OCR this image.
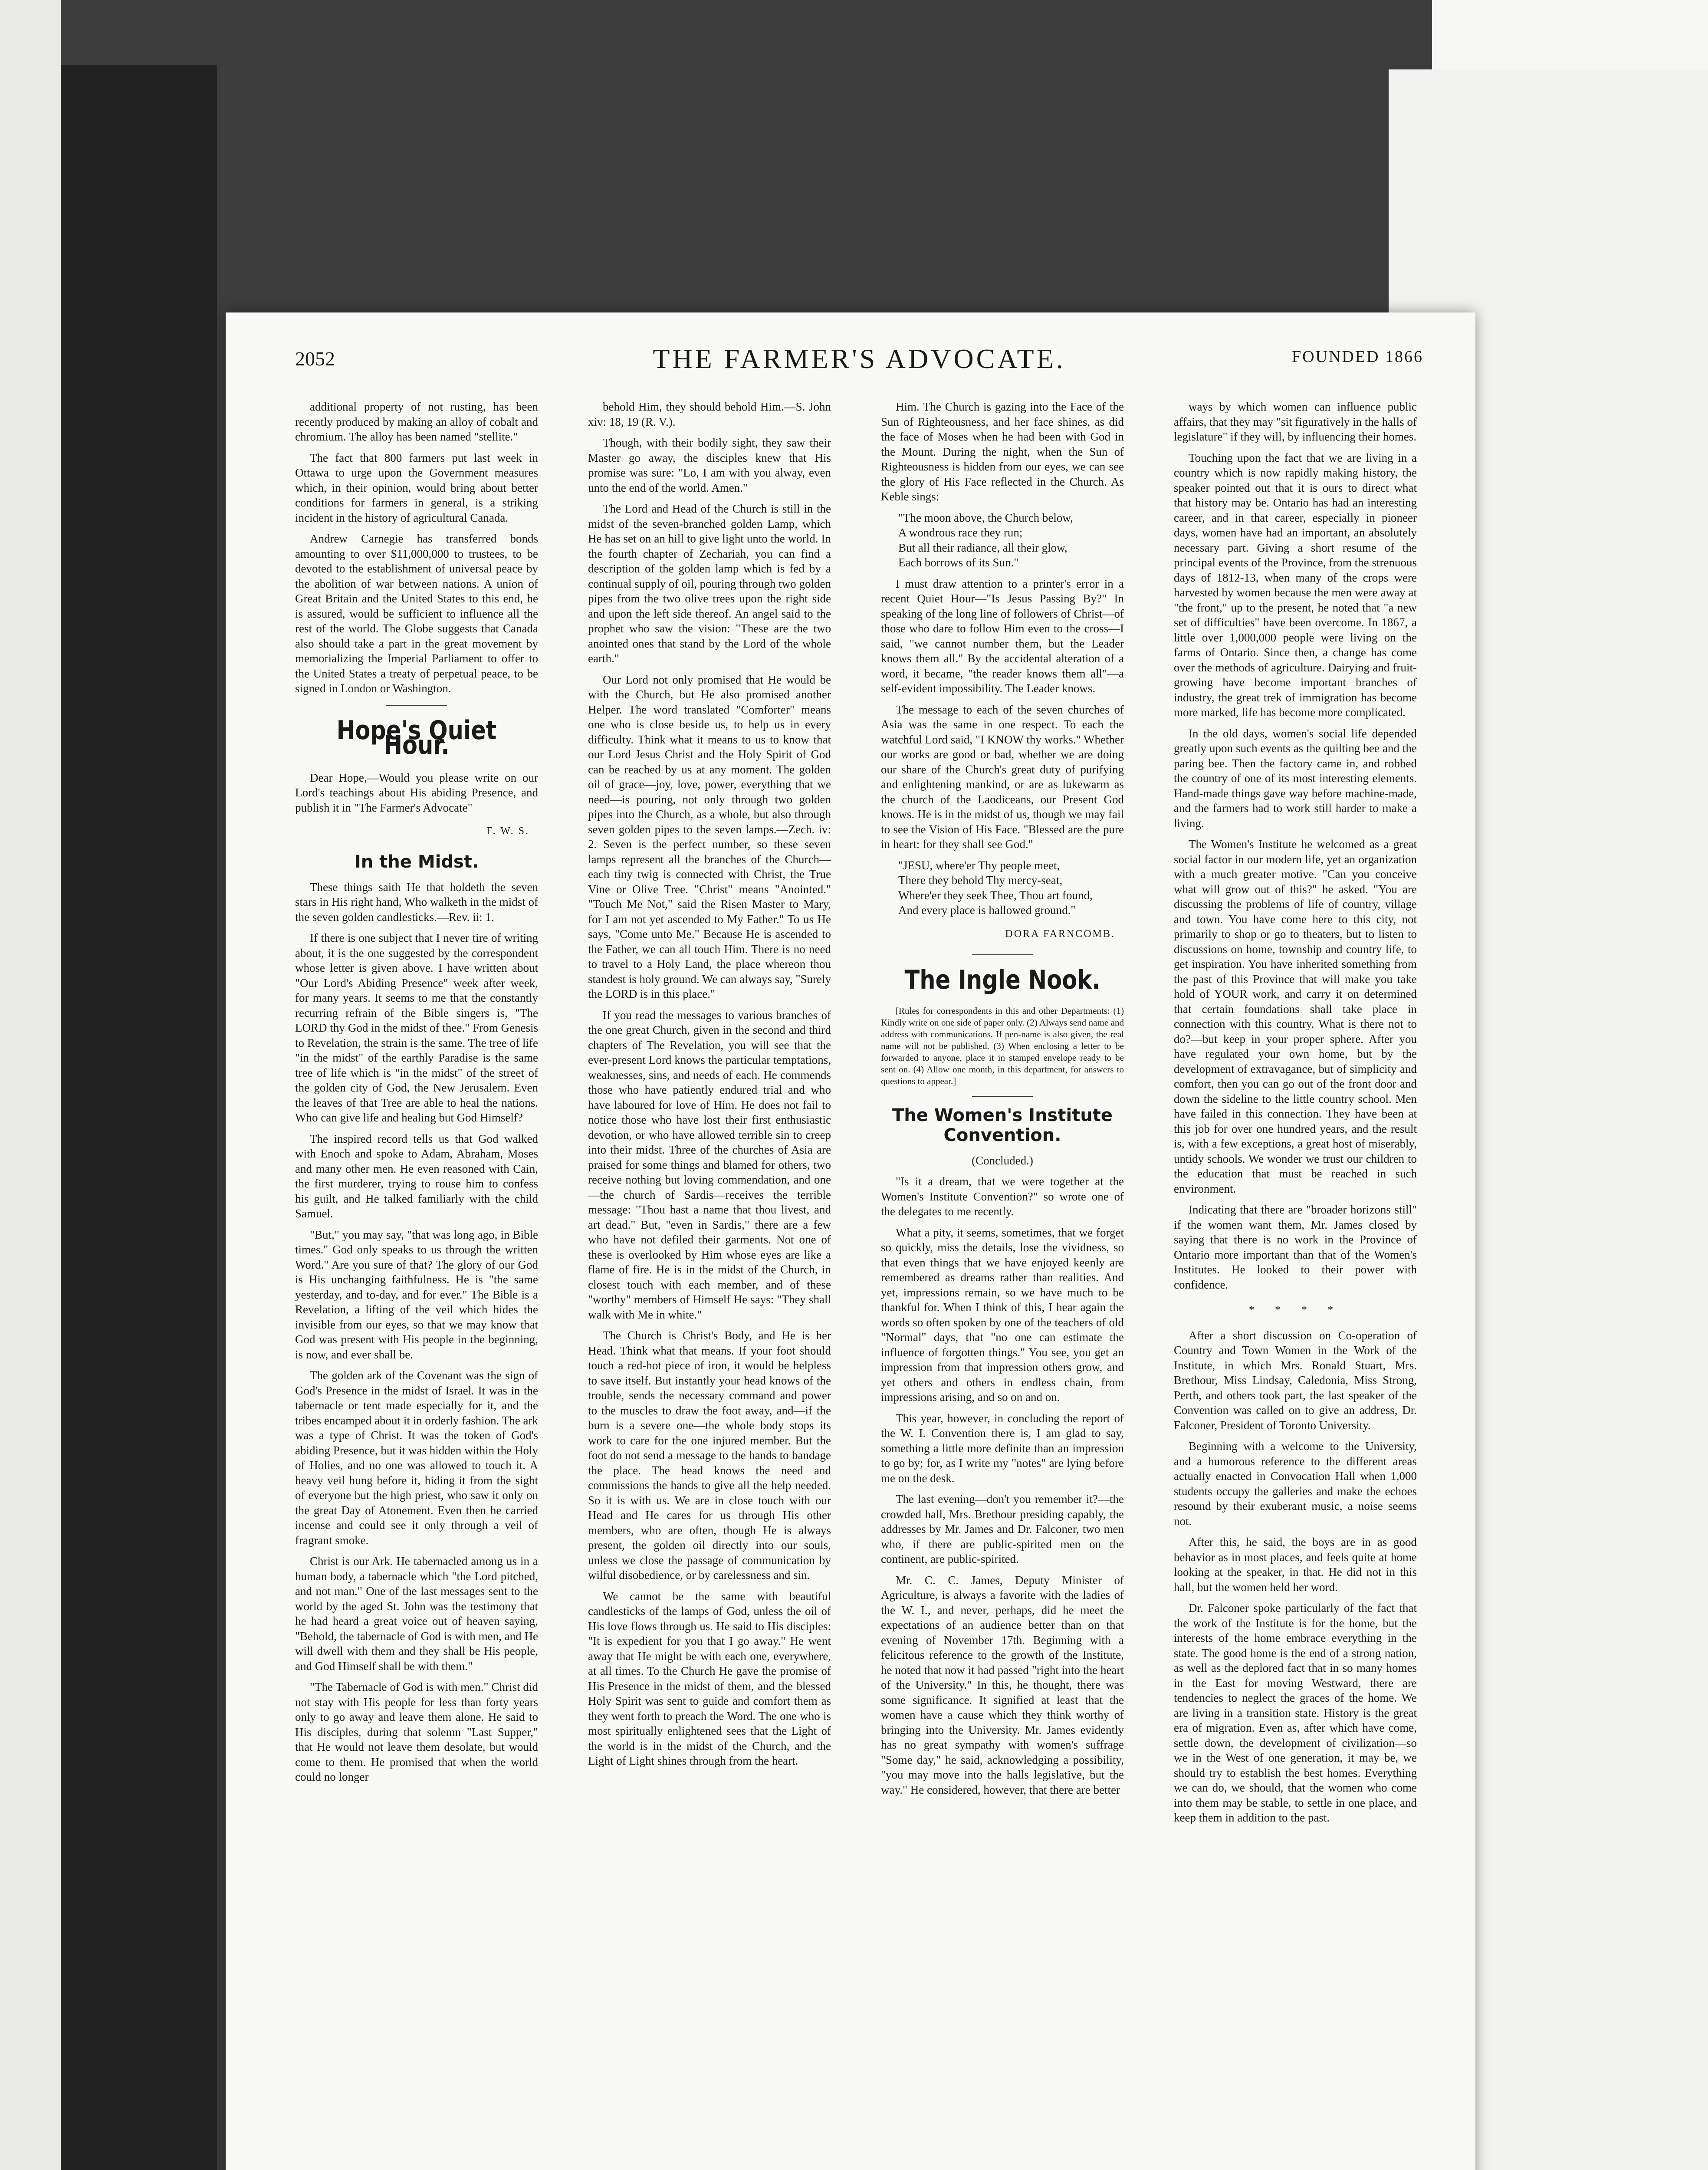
2052	THE FARMER'S ADVOCATE.	FOUNDED 1866

additional property of not rusting, has been recently produced by making an alloy of cobalt and chromium. The alloy has been named "stellite."

The fact that 800 farmers put last week in Ottawa to urge upon the Government measures which, in their opinion, would bring about better conditions for farmers in general, is a striking incident in the history of agricultural Canada.

Andrew Carnegie has transferred bonds amounting to over $11,000,000 to trustees, to be devoted to the establishment of universal peace by the abolition of war between nations. A union of Great Britain and the United States to this end, he is assured, would be sufficient to influence all the rest of the world. The Globe suggests that Canada also should take a part in the great movement by memorializing the Imperial Parliament to offer to the United States a treaty of perpetual peace, to be signed in London or Washington.

Hope's Quiet Hour.

Dear Hope,—Would you please write on our Lord's teachings about His abiding Presence, and publish it in "The Farmer's Advocate"

F. W. S.
In the Midst.

These things saith He that holdeth the seven stars in His right hand, Who walketh in the midst of the seven golden candlesticks.—Rev. ii: 1.

If there is one subject that I never tire of writing about, it is the one suggested by the correspondent whose letter is given above. I have written about "Our Lord's Abiding Presence" week after week, for many years. It seems to me that the constantly recurring refrain of the Bible singers is, "The LORD thy God in the midst of thee." From Genesis to Revelation, the strain is the same. The tree of life "in the midst" of the earthly Paradise is the same tree of life which is "in the midst" of the street of the golden city of God, the New Jerusalem. Even the leaves of that Tree are able to heal the nations. Who can give life and healing but God Himself?

The inspired record tells us that God walked with Enoch and spoke to Adam, Abraham, Moses and many other men. He even reasoned with Cain, the first murderer, trying to rouse him to confess his guilt, and He talked familiarly with the child Samuel.

"But," you may say, "that was long ago, in Bible times." God only speaks to us through the written Word." Are you sure of that? The glory of our God is His unchanging faithfulness. He is "the same yesterday, and to-day, and for ever." The Bible is a Revelation, a lifting of the veil which hides the invisible from our eyes, so that we may know that God was present with His people in the beginning, is now, and ever shall be.

The golden ark of the Covenant was the sign of God's Presence in the midst of Israel. It was in the tabernacle or tent made especially for it, and the tribes encamped about it in orderly fashion. The ark was a type of Christ. It was the token of God's abiding Presence, but it was hidden within the Holy of Holies, and no one was allowed to touch it. A heavy veil hung before it, hiding it from the sight of everyone but the high priest, who saw it only on the great Day of Atonement. Even then he carried incense and could see it only through a veil of fragrant smoke.

Christ is our Ark. He tabernacled among us in a human body, a tabernacle which "the Lord pitched, and not man." One of the last messages sent to the world by the aged St. John was the testimony that he had heard a great voice out of heaven saying, "Behold, the tabernacle of God is with men, and He will dwell with them and they shall be His people, and God Himself shall be with them."

"The Tabernacle of God is with men." Christ did not stay with His people for less than forty years only to go away and leave them alone. He said to His disciples, during that solemn "Last Supper," that He would not leave them desolate, but would come to them. He promised that when the world could no longer

behold Him, they should behold Him.—S. John xiv: 18, 19 (R. V.).

Though, with their bodily sight, they saw their Master go away, the disciples knew that His promise was sure: "Lo, I am with you alway, even unto the end of the world. Amen."

The Lord and Head of the Church is still in the midst of the seven-branched golden Lamp, which He has set on an hill to give light unto the world. In the fourth chapter of Zechariah, you can find a description of the golden lamp which is fed by a continual supply of oil, pouring through two golden pipes from the two olive trees upon the right side and upon the left side thereof. An angel said to the prophet who saw the vision: "These are the two anointed ones that stand by the Lord of the whole earth."

Our Lord not only promised that He would be with the Church, but He also promised another Helper. The word translated "Comforter" means one who is close beside us, to help us in every difficulty. Think what it means to us to know that our Lord Jesus Christ and the Holy Spirit of God can be reached by us at any moment. The golden oil of grace—joy, love, power, everything that we need—is pouring, not only through two golden pipes into the Church, as a whole, but also through seven golden pipes to the seven lamps.—Zech. iv: 2. Seven is the perfect number, so these seven lamps represent all the branches of the Church—each tiny twig is connected with Christ, the True Vine or Olive Tree. "Christ" means "Anointed." "Touch Me Not," said the Risen Master to Mary, for I am not yet ascended to My Father." To us He says, "Come unto Me." Because He is ascended to the Father, we can all touch Him. There is no need to travel to a Holy Land, the place whereon thou standest is holy ground. We can always say, "Surely the LORD is in this place."

If you read the messages to various branches of the one great Church, given in the second and third chapters of The Revelation, you will see that the ever-present Lord knows the particular temptations, weaknesses, sins, and needs of each. He commends those who have patiently endured trial and who have laboured for love of Him. He does not fail to notice those who have lost their first enthusiastic devotion, or who have allowed terrible sin to creep into their midst. Three of the churches of Asia are praised for some things and blamed for others, two receive nothing but loving commendation, and one—the church of Sardis—receives the terrible message: "Thou hast a name that thou livest, and art dead." But, "even in Sardis," there are a few who have not defiled their garments. Not one of these is overlooked by Him whose eyes are like a flame of fire. He is in the midst of the Church, in closest touch with each member, and of these "worthy" members of Himself He says: "They shall walk with Me in white."

The Church is Christ's Body, and He is her Head. Think what that means. If your foot should touch a red-hot piece of iron, it would be helpless to save itself. But instantly your head knows of the trouble, sends the necessary command and power to the muscles to draw the foot away, and—if the burn is a severe one—the whole body stops its work to care for the one injured member. But the foot do not send a message to the hands to bandage the place. The head knows the need and commissions the hands to give all the help needed. So it is with us. We are in close touch with our Head and He cares for us through His other members, who are often, though He is always present, the golden oil directly into our souls, unless we close the passage of communication by wilful disobedience, or by carelessness and sin.

We cannot be the same with beautiful candlesticks of the lamps of God, unless the oil of His love flows through us. He said to His disciples: "It is expedient for you that I go away." He went away that He might be with each one, everywhere, at all times. To the Church He gave the promise of His Presence in the midst of them, and the blessed Holy Spirit was sent to guide and comfort them as they went forth to preach the Word. The one who is most spiritually enlightened sees that the Light of the world is in the midst of the Church, and the Light of Light shines through from the heart.

Him. The Church is gazing into the Face of the Sun of Righteousness, and her face shines, as did the face of Moses when he had been with God in the Mount. During the night, when the Sun of Righteousness is hidden from our eyes, we can see the glory of His Face reflected in the Church. As Keble sings:

"The moon above, the Church below,
A wondrous race they run;
But all their radiance, all their glow,
Each borrows of its Sun."

I must draw attention to a printer's error in a recent Quiet Hour—"Is Jesus Passing By?" In speaking of the long line of followers of Christ—of those who dare to follow Him even to the cross—I said, "we cannot number them, but the Leader knows them all." By the accidental alteration of a word, it became, "the reader knows them all"—a self-evident impossibility. The Leader knows.

The message to each of the seven churches of Asia was the same in one respect. To each the watchful Lord said, "I KNOW thy works." Whether our works are good or bad, whether we are doing our share of the Church's great duty of purifying and enlightening mankind, or are as lukewarm as the church of the Laodiceans, our Present God knows. He is in the midst of us, though we may fail to see the Vision of His Face. "Blessed are the pure in heart: for they shall see God."

"JESU, where'er Thy people meet,
There they behold Thy mercy-seat,
Where'er they seek Thee, Thou art found,
And every place is hallowed ground."

DORA FARNCOMB.
The Ingle Nook.

[Rules for correspondents in this and other Departments: (1) Kindly write on one side of paper only. (2) Always send name and address with communications. If pen-name is also given, the real name will not be published. (3) When enclosing a letter to be forwarded to anyone, place it in stamped envelope ready to be sent on. (4) Allow one month, in this department, for answers to questions to appear.]

The Women's Institute Convention.

(Concluded.)

"Is it a dream, that we were together at the Women's Institute Convention?" so wrote one of the delegates to me recently.

What a pity, it seems, sometimes, that we forget so quickly, miss the details, lose the vividness, so that even things that we have enjoyed keenly are remembered as dreams rather than realities. And yet, impressions remain, so we have much to be thankful for. When I think of this, I hear again the words so often spoken by one of the teachers of old "Normal" days, that "no one can estimate the influence of forgotten things." You see, you get an impression from that impression others grow, and yet others and others in endless chain, from impressions arising, and so on and on.

This year, however, in concluding the report of the W. I. Convention there is, I am glad to say, something a little more definite than an impression to go by; for, as I write my "notes" are lying before me on the desk.

The last evening—don't you remember it?—the crowded hall, Mrs. Brethour presiding capably, the addresses by Mr. James and Dr. Falconer, two men who, if there are public-spirited men on the continent, are public-spirited.

Mr. C. C. James, Deputy Minister of Agriculture, is always a favorite with the ladies of the W. I., and never, perhaps, did he meet the expectations of an audience better than on that evening of November 17th. Beginning with a felicitous reference to the growth of the Institute, he noted that now it had passed "right into the heart of the University." In this, he thought, there was some significance. It signified at least that the women have a cause which they think worthy of bringing into the University. Mr. James evidently has no great sympathy with women's suffrage "Some day," he said, acknowledging a possibility, "you may move into the halls legislative, but the way." He considered, however, that there are better

ways by which women can influence public affairs, that they may "sit figuratively in the halls of legislature" if they will, by influencing their homes.

Touching upon the fact that we are living in a country which is now rapidly making history, the speaker pointed out that it is ours to direct what that history may be. Ontario has had an interesting career, and in that career, especially in pioneer days, women have had an important, an absolutely necessary part. Giving a short resume of the principal events of the Province, from the strenuous days of 1812-13, when many of the crops were harvested by women because the men were away at "the front," up to the present, he noted that "a new set of difficulties" have been overcome. In 1867, a little over 1,000,000 people were living on the farms of Ontario. Since then, a change has come over the methods of agriculture. Dairying and fruit-growing have become important branches of industry, the great trek of immigration has become more marked, life has become more complicated.

In the old days, women's social life depended greatly upon such events as the quilting bee and the paring bee. Then the factory came in, and robbed the country of one of its most interesting elements. Hand-made things gave way before machine-made, and the farmers had to work still harder to make a living.

The Women's Institute he welcomed as a great social factor in our modern life, yet an organization with a much greater motive. "Can you conceive what will grow out of this?" he asked. "You are discussing the problems of life of country, village and town. You have come here to this city, not primarily to shop or go to theaters, but to listen to discussions on home, township and country life, to get inspiration. You have inherited something from the past of this Province that will make you take hold of YOUR work, and carry it on determined that certain foundations shall take place in connection with this country. What is there not to do?—but keep in your proper sphere. After you have regulated your own home, but by the development of extravagance, but of simplicity and comfort, then you can go out of the front door and down the sideline to the little country school. Men have failed in this connection. They have been at this job for over one hundred years, and the result is, with a few exceptions, a great host of miserably, untidy schools. We wonder we trust our children to the education that must be reached in such environment.

Indicating that there are "broader horizons still" if the women want them, Mr. James closed by saying that there is no work in the Province of Ontario more important than that of the Women's Institutes. He looked to their power with confidence.

* * * *

After a short discussion on Co-operation of Country and Town Women in the Work of the Institute, in which Mrs. Ronald Stuart, Mrs. Brethour, Miss Lindsay, Caledonia, Miss Strong, Perth, and others took part, the last speaker of the Convention was called on to give an address, Dr. Falconer, President of Toronto University.

Beginning with a welcome to the University, and a humorous reference to the different areas actually enacted in Convocation Hall when 1,000 students occupy the galleries and make the echoes resound by their exuberant music, a noise seems not.

After this, he said, the boys are in as good behavior as in most places, and feels quite at home looking at the speaker, in that. He did not in this hall, but the women held her word.

Dr. Falconer spoke particularly of the fact that the work of the Institute is for the home, but the interests of the home embrace everything in the state. The good home is the end of a strong nation, as well as the deplored fact that in so many homes in the East for moving Westward, there are tendencies to neglect the graces of the home. We are living in a transition state. History is the great era of migration. Even as, after which have come, settle down, the development of civilization—so we in the West of one generation, it may be, we should try to establish the best homes. Everything we can do, we should, that the women who come into them may be stable, to settle in one place, and keep them in addition to the past.
